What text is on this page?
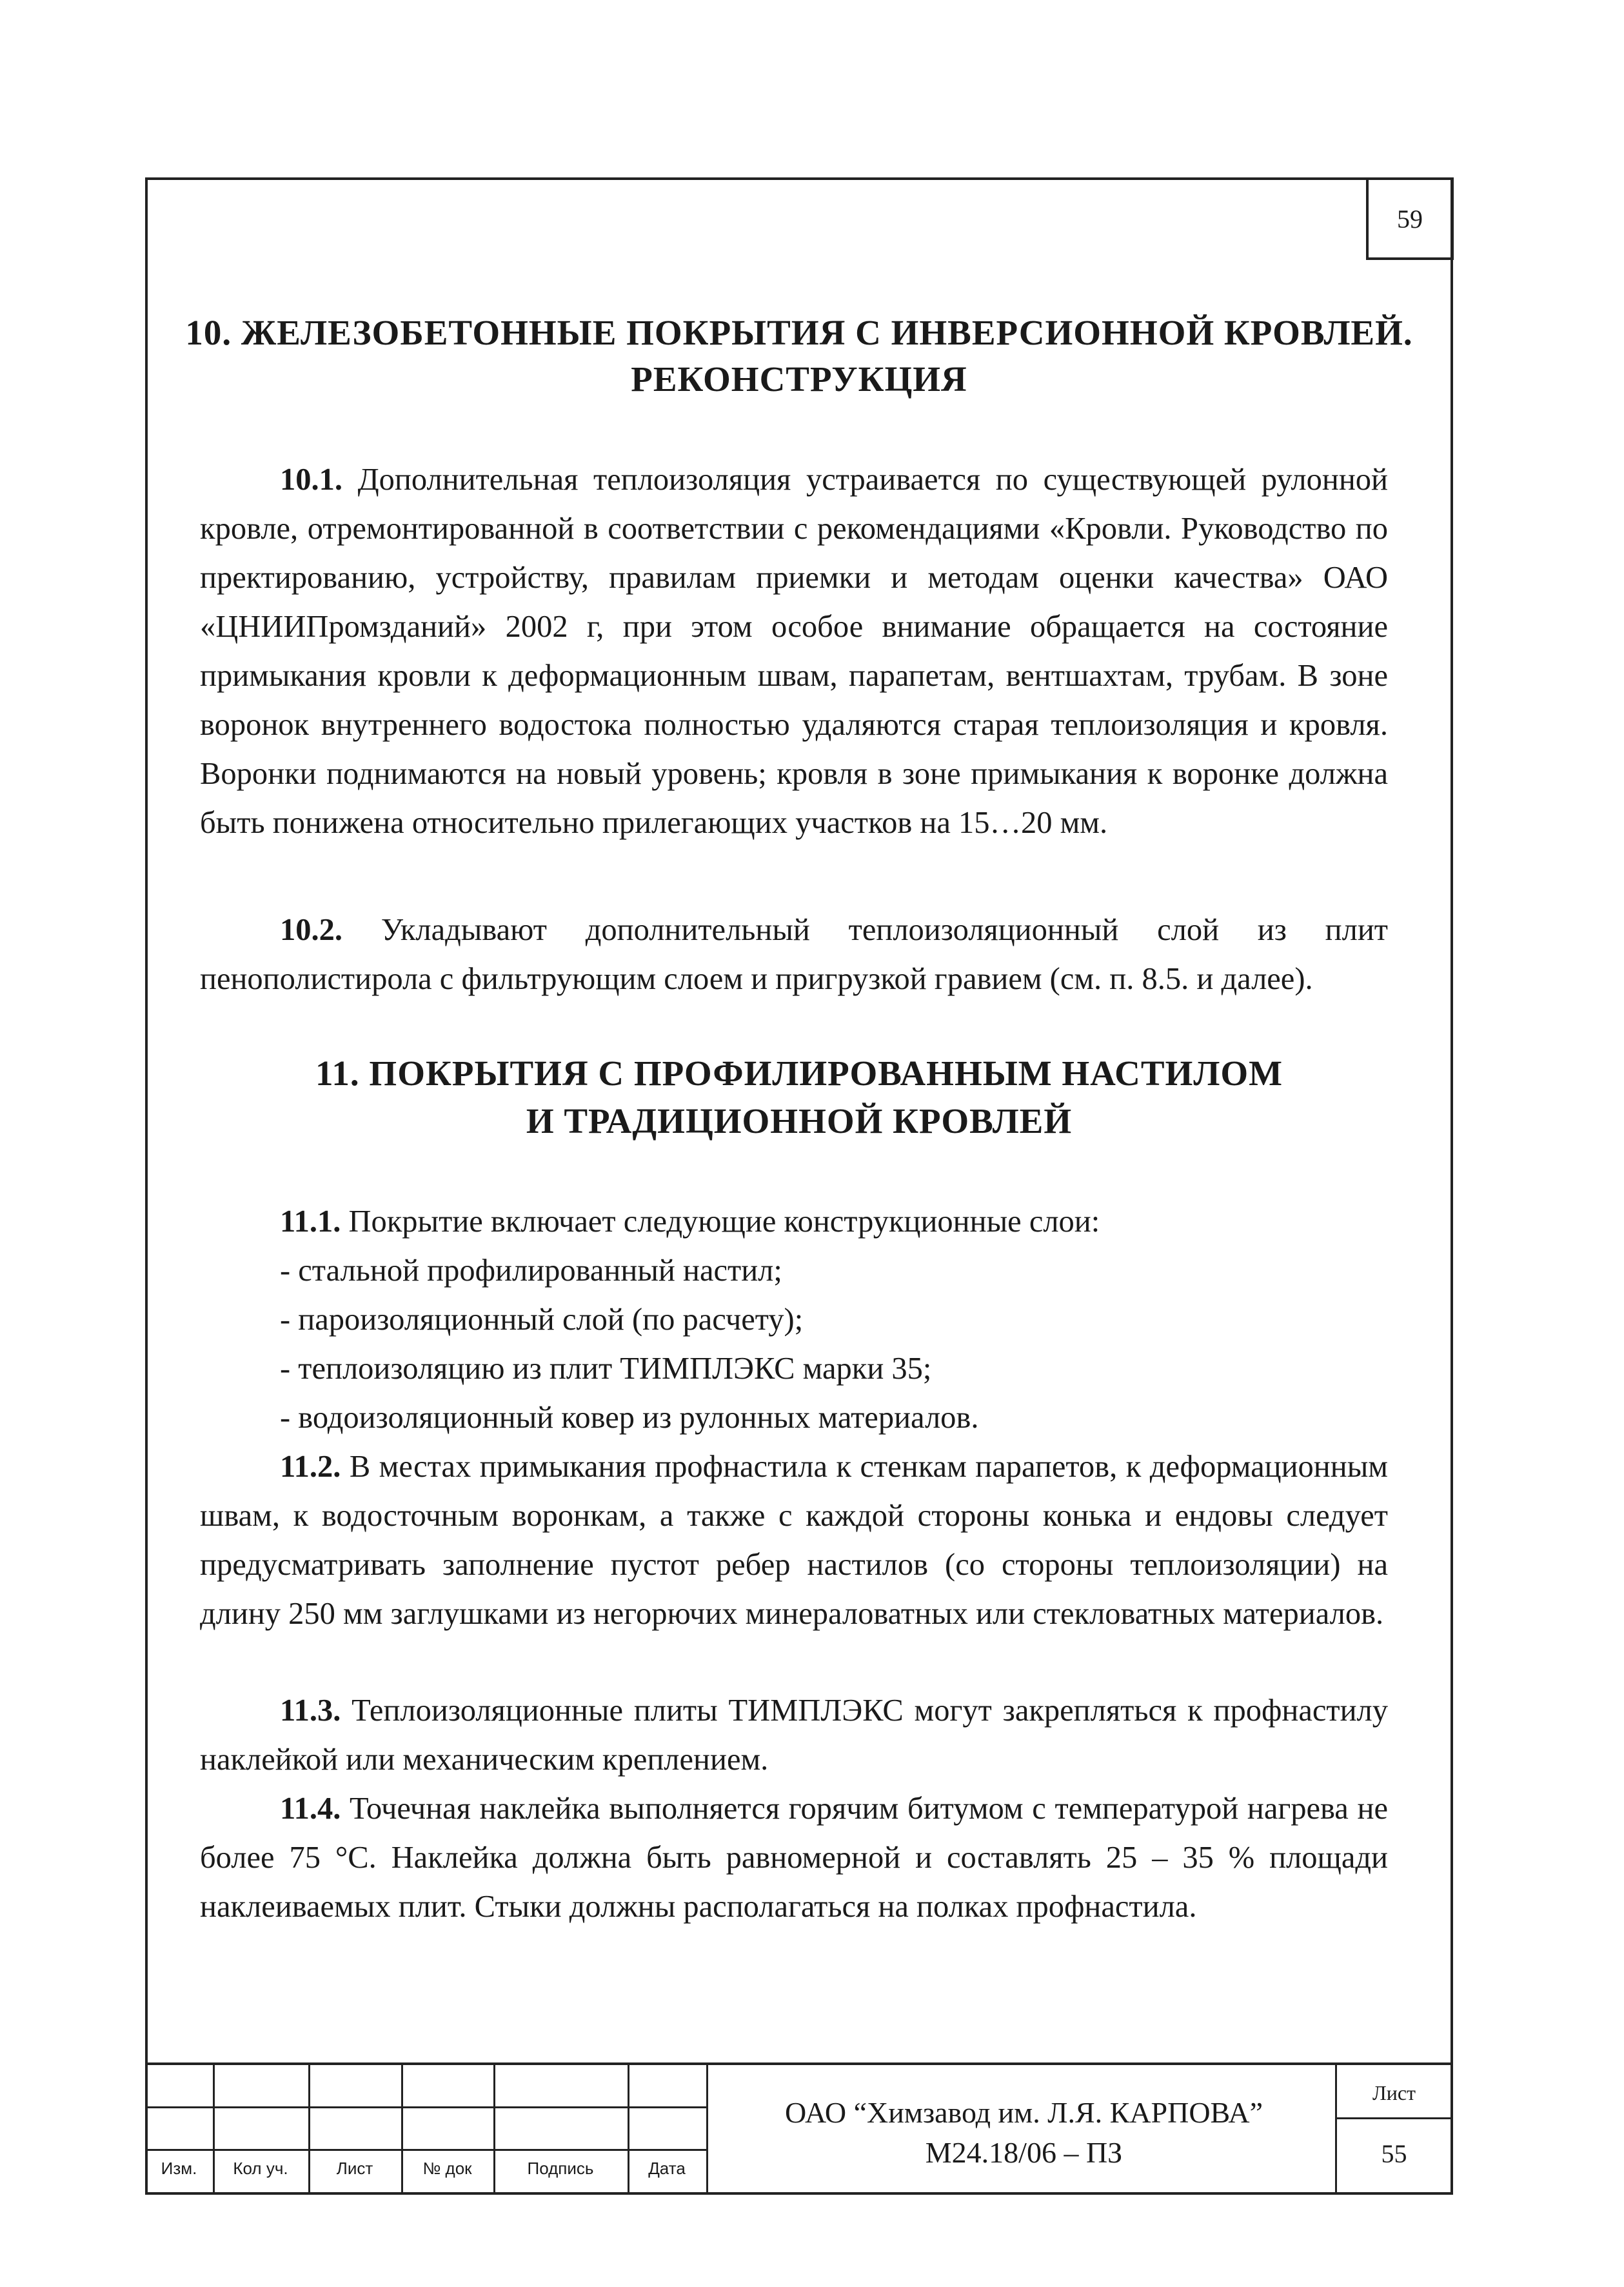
59
10. ЖЕЛЕЗОБЕТОННЫЕ ПОКРЫТИЯ С ИНВЕРСИОННОЙ КРОВЛЕЙ.
РЕКОНСТРУКЦИЯ
10.1. Дополнительная теплоизоляция устраивается по существующей рулонной кровле, отремонтированной в соответствии с рекомендациями «Кровли. Руководство по пректированию, устройству, правилам приемки и методам оценки качества» ОАО «ЦНИИПромзданий» 2002 г, при этом особое внимание обращается на состояние примыкания кровли к деформационным швам, парапетам, вентшахтам, трубам. В зоне воронок внутреннего водостока полностью удаляются старая теплоизоляция и кровля. Воронки поднимаются на новый уровень; кровля в зоне примыкания к воронке должна быть понижена относительно прилегающих участков на 15…20 мм.
10.2. Укладывают дополнительный теплоизоляционный слой из плит пенополистирола с фильтрующим слоем и пригрузкой гравием (см. п. 8.5. и далее).
11. ПОКРЫТИЯ С ПРОФИЛИРОВАННЫМ НАСТИЛОМ
И ТРАДИЦИОННОЙ КРОВЛЕЙ
11.1. Покрытие включает следующие конструкционные слои:
- стальной профилированный настил;
- пароизоляционный слой (по расчету);
- теплоизоляцию из плит ТИМПЛЭКС марки 35;
- водоизоляционный ковер из рулонных материалов.
11.2. В местах примыкания профнастила к стенкам парапетов, к деформационным швам, к водосточным воронкам, а также с каждой стороны конька и ендовы следует предусматривать заполнение пустот ребер настилов (со стороны теплоизоляции) на длину 250 мм заглушками из негорючих минераловатных или стекловатных материалов.
11.3. Теплоизоляционные плиты ТИМПЛЭКС могут закрепляться к профнастилу наклейкой или механическим креплением.
11.4. Точечная наклейка выполняется горячим битумом с температурой нагрева не более 75 °С. Наклейка должна быть равномерной и составлять 25 – 35 % площади наклеиваемых плит. Стыки должны располагаться на полках профнастила.
Изм.	Кол уч.	Лист	№ док	Подпись	Дата
ОАО “Химзавод им. Л.Я. КАРПОВА”
М24.18/06 – ПЗ
Лист
55
